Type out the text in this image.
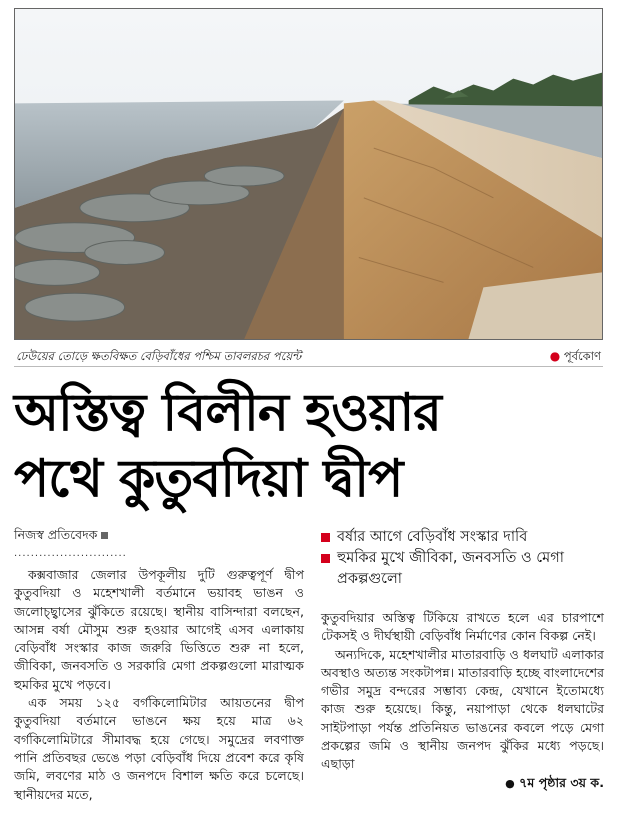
ঢেউয়ের তোড়ে ক্ষতবিক্ষত বেড়িবাঁধের পশ্চিম তাবলরচর পয়েন্ট	● পূর্বকোণ
অস্তিত্ব বিলীন হওয়ার
পথে কুতুবদিয়া দ্বীপ
নিজস্ব প্রতিবেদক
...........................
বর্ষার আগে বেড়িবাঁধ সংস্কার দাবি
হুমকির মুখে জীবিকা, জনবসতি ও মেগা প্রকল্পগুলো

কক্সবাজার জেলার উপকূলীয় দুটি গুরুত্বপূর্ণ দ্বীপ কুতুবদিয়া ও মহেশখালী বর্তমানে ভয়াবহ ভাঙন ও জলোচ্ছ্বাসের ঝুঁকিতে রয়েছে। স্থানীয় বাসিন্দারা বলছেন, আসন্ন বর্ষা মৌসুম শুরু হওয়ার আগেই এসব এলাকায় বেড়িবাঁধ সংস্কার কাজ জরুরি ভিত্তিতে শুরু না হলে, জীবিকা, জনবসতি ও সরকারি মেগা প্রকল্পগুলো মারাত্মক হুমকির মুখে পড়বে।

এক সময় ১২৫ বর্গকিলোমিটার আয়তনের দ্বীপ কুতুবদিয়া বর্তমানে ভাঙনে ক্ষয় হয়ে মাত্র ৬২ বর্গকিলোমিটারে সীমাবদ্ধ হয়ে গেছে। সমুদ্রের লবণাক্ত পানি প্রতিবছর ভেঙে পড়া বেড়িবাঁধ দিয়ে প্রবেশ করে কৃষি জমি, লবণের মাঠ ও জনপদে বিশাল ক্ষতি করে চলেছে। স্থানীয়দের মতে,

কুতুবদিয়ার অস্তিত্ব টিকিয়ে রাখতে হলে এর চারপাশে টেকসই ও দীর্ঘস্থায়ী বেড়িবাঁধ নির্মাণের কোন বিকল্প নেই।

অন্যদিকে, মহেশখালীর মাতারবাড়ি ও ধলঘাট এলাকার অবস্থাও অত্যন্ত সংকটাপন্ন। মাতারবাড়ি হচ্ছে বাংলাদেশের গভীর সমুদ্র বন্দরের সম্ভাব্য কেন্দ্র, যেখানে ইতোমধ্যে কাজ শুরু হয়েছে। কিন্তু, নয়াপাড়া থেকে ধলঘাটের সাইটপাড়া পর্যন্ত প্রতিনিয়ত ভাঙনের কবলে পড়ে মেগা প্রকল্পের জমি ও স্থানীয় জনপদ ঝুঁকির মধ্যে পড়ছে। এছাড়া

● ৭ম পৃষ্ঠার ৩য় ক.
